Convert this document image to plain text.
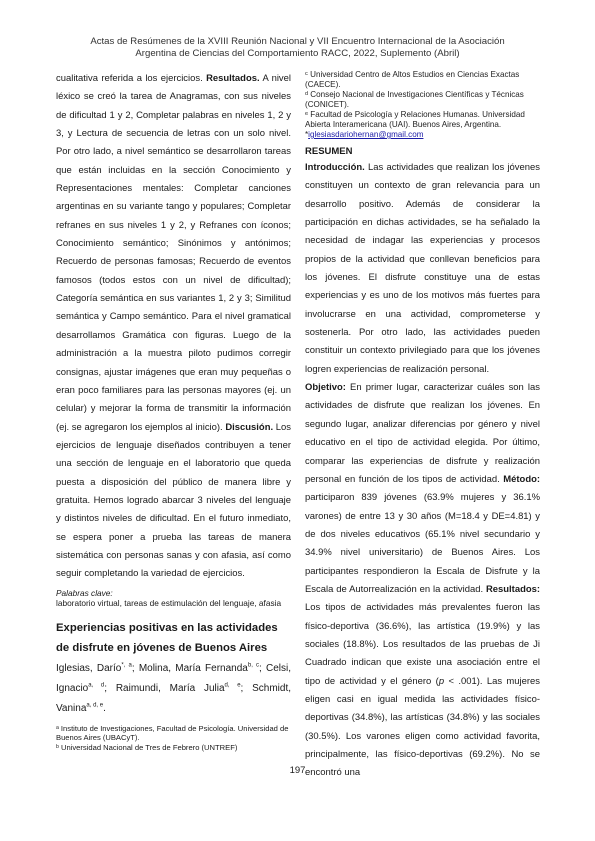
Actas de Resúmenes de la XVIII Reunión Nacional y VII Encuentro Internacional de la Asociación
Argentina de Ciencias del Comportamiento RACC, 2022, Suplemento (Abril)

cualitativa referida a los ejercicios. Resultados. A nivel léxico se creó la tarea de Anagramas, con sus niveles de dificultad 1 y 2, Completar palabras en niveles 1, 2 y 3, y Lectura de secuencia de letras con un solo nivel. Por otro lado, a nivel semántico se desarrollaron tareas que están incluidas en la sección Conocimiento y Representaciones mentales: Completar canciones argentinas en su variante tango y populares; Completar refranes en sus niveles 1 y 2, y Refranes con íconos; Conocimiento semántico; Sinónimos y antónimos; Recuerdo de personas famosas; Recuerdo de eventos famosos (todos estos con un nivel de dificultad); Categoría semántica en sus variantes 1, 2 y 3; Similitud semántica y Campo semántico. Para el nivel gramatical desarrollamos Gramática con figuras. Luego de la administración a la muestra piloto pudimos corregir consignas, ajustar imágenes que eran muy pequeñas o eran poco familiares para las personas mayores (ej. un celular) y mejorar la forma de transmitir la información (ej. se agregaron los ejemplos al inicio). Discusión. Los ejercicios de lenguaje diseñados contribuyen a tener una sección de lenguaje en el laboratorio que queda puesta a disposición del público de manera libre y gratuita. Hemos logrado abarcar 3 niveles del lenguaje y distintos niveles de dificultad. En el futuro inmediato, se espera poner a prueba las tareas de manera sistemática con personas sanas y con afasia, así como seguir completando la variedad de ejercicios.

Palabras clave:
laboratorio virtual, tareas de estimulación del lenguaje, afasia
Experiencias positivas en las actividades de disfrute en jóvenes de Buenos Aires
Iglesias, Darío$^{*, a}$; Molina, María Fernanda$^{b, c}$; Celsi, Ignacio$^{a, d}$; Raimundi, María Julia$^{d, e}$; Schmidt, Vanina$^{a, d, e}$.
ᵃ Instituto de Investigaciones, Facultad de Psicología. Universidad de Buenos Aires (UBACyT).
ᵇ Universidad Nacional de Tres de Febrero (UNTREF)

ᶜ Universidad Centro de Altos Estudios en Ciencias Exactas (CAECE).

ᵈ Consejo Nacional de Investigaciones Científicas y Técnicas (CONICET).

ᵉ Facultad de Psicología y Relaciones Humanas. Universidad Abierta Interamericana (UAI). Buenos Aires, Argentina.

*iglesiasdariohernan@gmail.com

RESUMEN

Introducción. Las actividades que realizan los jóvenes constituyen un contexto de gran relevancia para un desarrollo positivo. Además de considerar la participación en dichas actividades, se ha señalado la necesidad de indagar las experiencias y procesos propios de la actividad que conllevan beneficios para los jóvenes. El disfrute constituye una de estas experiencias y es uno de los motivos más fuertes para involucrarse en una actividad, comprometerse y sostenerla. Por otro lado, las actividades pueden constituir un contexto privilegiado para que los jóvenes logren experiencias de realización personal.

Objetivo: En primer lugar, caracterizar cuáles son las actividades de disfrute que realizan los jóvenes. En segundo lugar, analizar diferencias por género y nivel educativo en el tipo de actividad elegida. Por último, comparar las experiencias de disfrute y realización personal en función de los tipos de actividad. Método: participaron 839 jóvenes (63.9% mujeres y 36.1% varones) de entre 13 y 30 años (M=18.4 y DE=4.81) y de dos niveles educativos (65.1% nivel secundario y 34.9% nivel universitario) de Buenos Aires. Los participantes respondieron la Escala de Disfrute y la Escala de Autorrealización en la actividad. Resultados: Los tipos de actividades más prevalentes fueron las físico-deportiva (36.6%), las artística (19.9%) y las sociales (18.8%). Los resultados de las pruebas de Ji Cuadrado indican que existe una asociación entre el tipo de actividad y el género (p < .001). Las mujeres eligen casi en igual medida las actividades físico-deportivas (34.8%), las artísticas (34.8%) y las sociales (30.5%). Los varones eligen como actividad favorita, principalmente, las físico-deportivas (69.2%). No se encontró una

197
